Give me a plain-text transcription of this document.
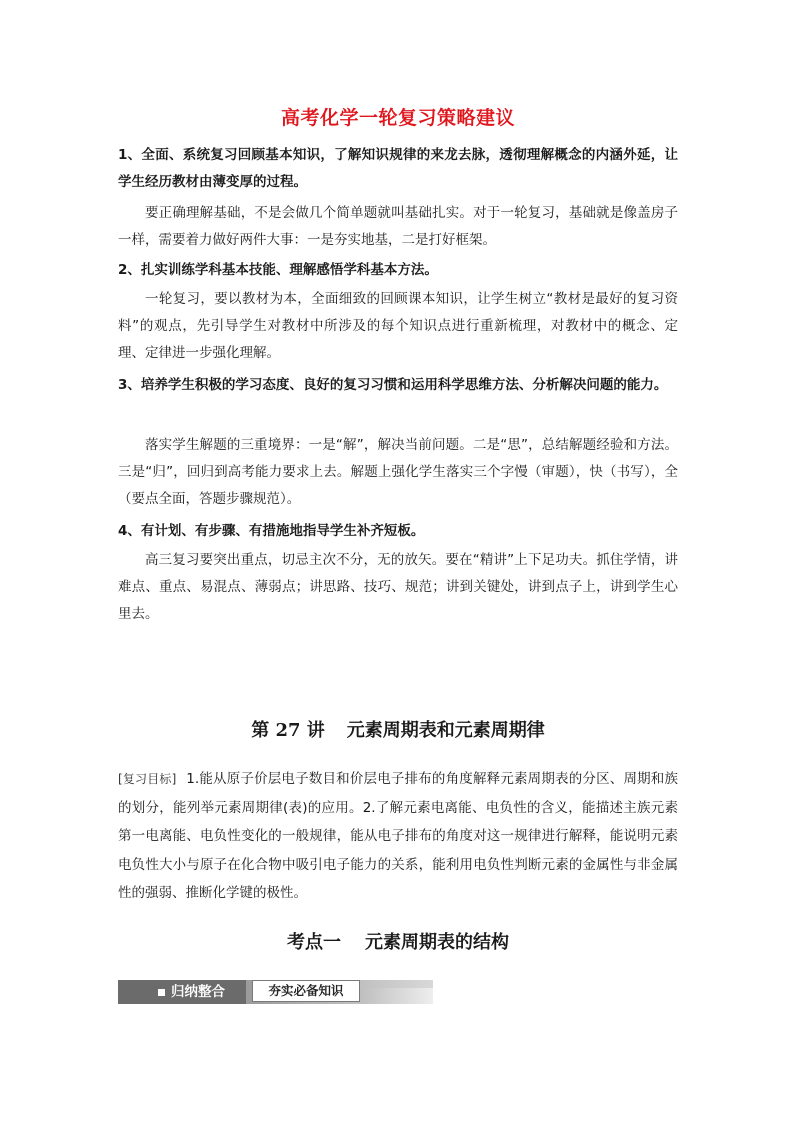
高考化学一轮复习策略建议
1、全面、系统复习回顾基本知识，了解知识规律的来龙去脉，透彻理解概念的内涵外延，让学生经历教材由薄变厚的过程。
要正确理解基础，不是会做几个简单题就叫基础扎实。对于一轮复习，基础就是像盖房子一样，需要着力做好两件大事：一是夯实地基，二是打好框架。
2、扎实训练学科基本技能、理解感悟学科基本方法。
一轮复习，要以教材为本，全面细致的回顾课本知识，让学生树立“教材是最好的复习资料”的观点，先引导学生对教材中所涉及的每个知识点进行重新梳理，对教材中的概念、定理、定律进一步强化理解。
3、培养学生积极的学习态度、良好的复习习惯和运用科学思维方法、分析解决问题的能力。
落实学生解题的三重境界：一是“解”，解决当前问题。二是“思”，总结解题经验和方法。三是“归”，回归到高考能力要求上去。解题上强化学生落实三个字慢（审题），快（书写），全（要点全面，答题步骤规范）。
4、有计划、有步骤、有措施地指导学生补齐短板。
高三复习要突出重点，切忌主次不分，无的放矢。要在“精讲”上下足功夫。抓住学情，讲难点、重点、易混点、薄弱点；讲思路、技巧、规范；讲到关键处，讲到点子上，讲到学生心里去。
第 27 讲 元素周期表和元素周期律
[复习目标] 1.能从原子价层电子数目和价层电子排布的角度解释元素周期表的分区、周期和族的划分，能列举元素周期律(表)的应用。2.了解元素电离能、电负性的含义，能描述主族元素第一电离能、电负性变化的一般规律，能从电子排布的角度对这一规律进行解释，能说明元素电负性大小与原子在化合物中吸引电子能力的关系，能利用电负性判断元素的金属性与非金属性的强弱、推断化学键的极性。
考点一 元素周期表的结构
归纳整合	夯实必备知识
